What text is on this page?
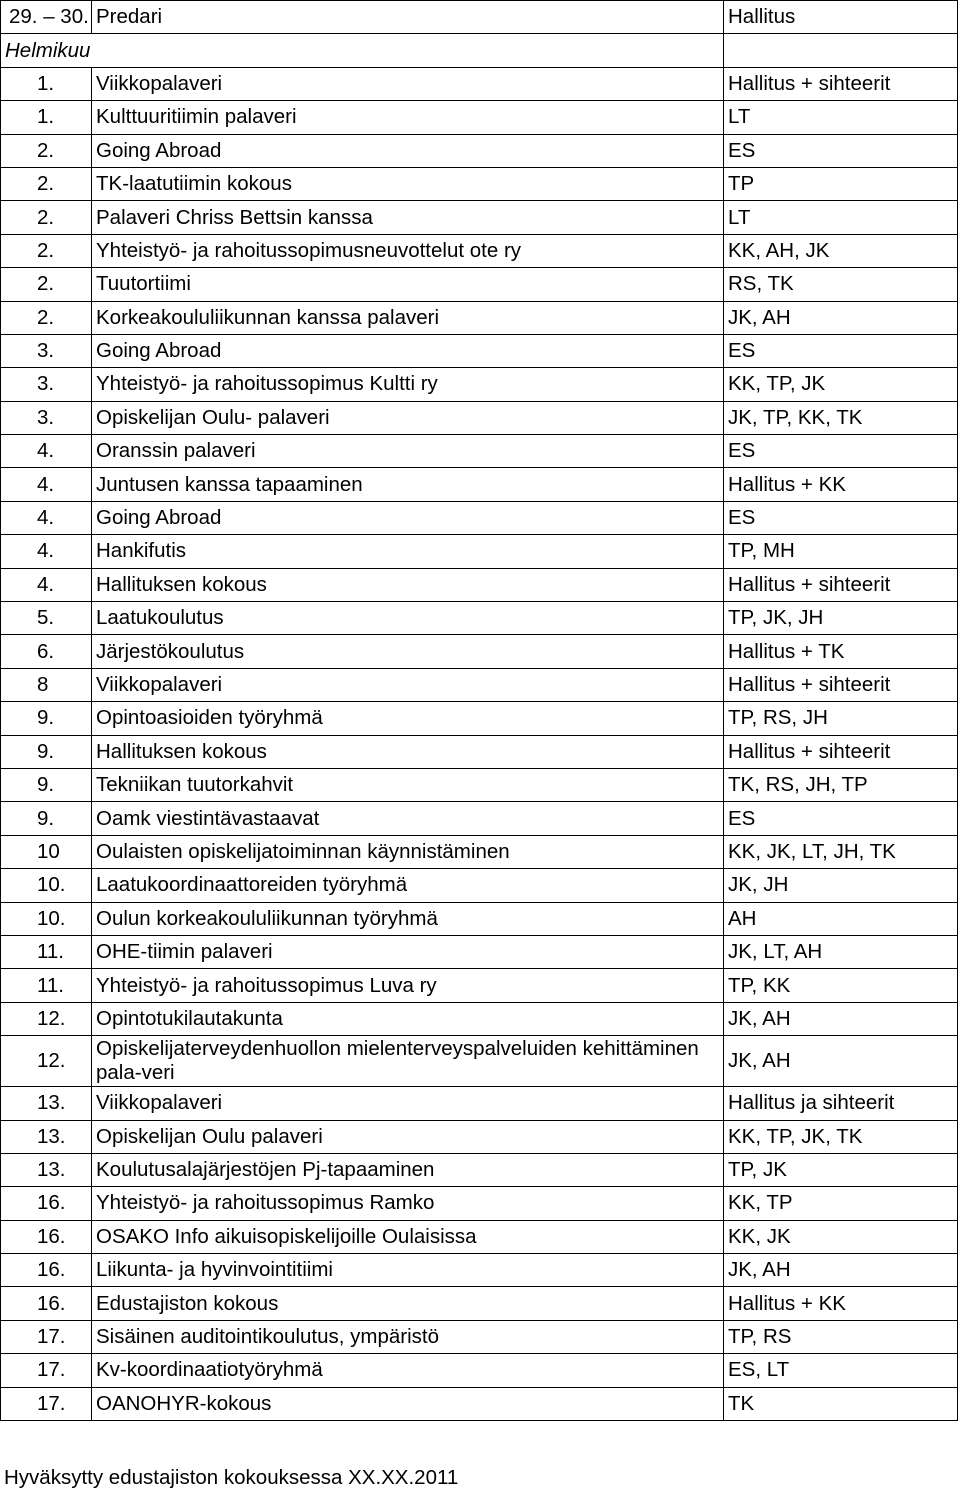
29. – 30.	Predari	Hallitus
Helmikuu		
1.	Viikkopalaveri	Hallitus + sihteerit
1.	Kulttuuritiimin palaveri	LT
2.	Going Abroad	ES
2.	TK-laatutiimin kokous	TP
2.	Palaveri Chriss Bettsin kanssa	LT
2.	Yhteistyö- ja rahoitussopimusneuvottelut ote ry	KK, AH, JK
2.	Tuutortiimi	RS, TK
2.	Korkeakoululiikunnan kanssa palaveri	JK, AH
3.	Going Abroad	ES
3.	Yhteistyö- ja rahoitussopimus Kultti ry	KK, TP, JK
3.	Opiskelijan Oulu- palaveri	JK, TP, KK, TK
4.	Oranssin palaveri	ES
4.	Juntusen kanssa tapaaminen	Hallitus + KK
4.	Going Abroad	ES
4.	Hankifutis	TP, MH
4.	Hallituksen kokous	Hallitus + sihteerit
5.	Laatukoulutus	TP, JK, JH
6.	Järjestökoulutus	Hallitus + TK
8	Viikkopalaveri	Hallitus + sihteerit
9.	Opintoasioiden työryhmä	TP, RS, JH
9.	Hallituksen kokous	Hallitus + sihteerit
9.	Tekniikan tuutorkahvit	TK, RS, JH, TP
9.	Oamk viestintävastaavat	ES
10	Oulaisten opiskelijatoiminnan käynnistäminen	KK, JK, LT, JH, TK
10.	Laatukoordinaattoreiden työryhmä	JK, JH
10.	Oulun korkeakoululiikunnan työryhmä	AH
11.	OHE-tiimin palaveri	JK, LT, AH
11.	Yhteistyö- ja rahoitussopimus Luva ry	TP, KK
12.	Opintotukilautakunta	JK, AH
12.	Opiskelijaterveydenhuollon mielenterveyspalveluiden kehittäminen pala-veri	JK, AH
13.	Viikkopalaveri	Hallitus ja sihteerit
13.	Opiskelijan Oulu palaveri	KK, TP, JK, TK
13.	Koulutusalajärjestöjen Pj-tapaaminen	TP, JK
16.	Yhteistyö- ja rahoitussopimus Ramko	KK, TP
16.	OSAKO Info aikuisopiskelijoille Oulaisissa	KK, JK
16.	Liikunta- ja hyvinvointitiimi	JK, AH
16.	Edustajiston kokous	Hallitus + KK
17.	Sisäinen auditointikoulutus, ympäristö	TP, RS
17.	Kv-koordinaatiotyöryhmä	ES, LT
17.	OANOHYR-kokous	TK
Hyväksytty edustajiston kokouksessa XX.XX.2011
